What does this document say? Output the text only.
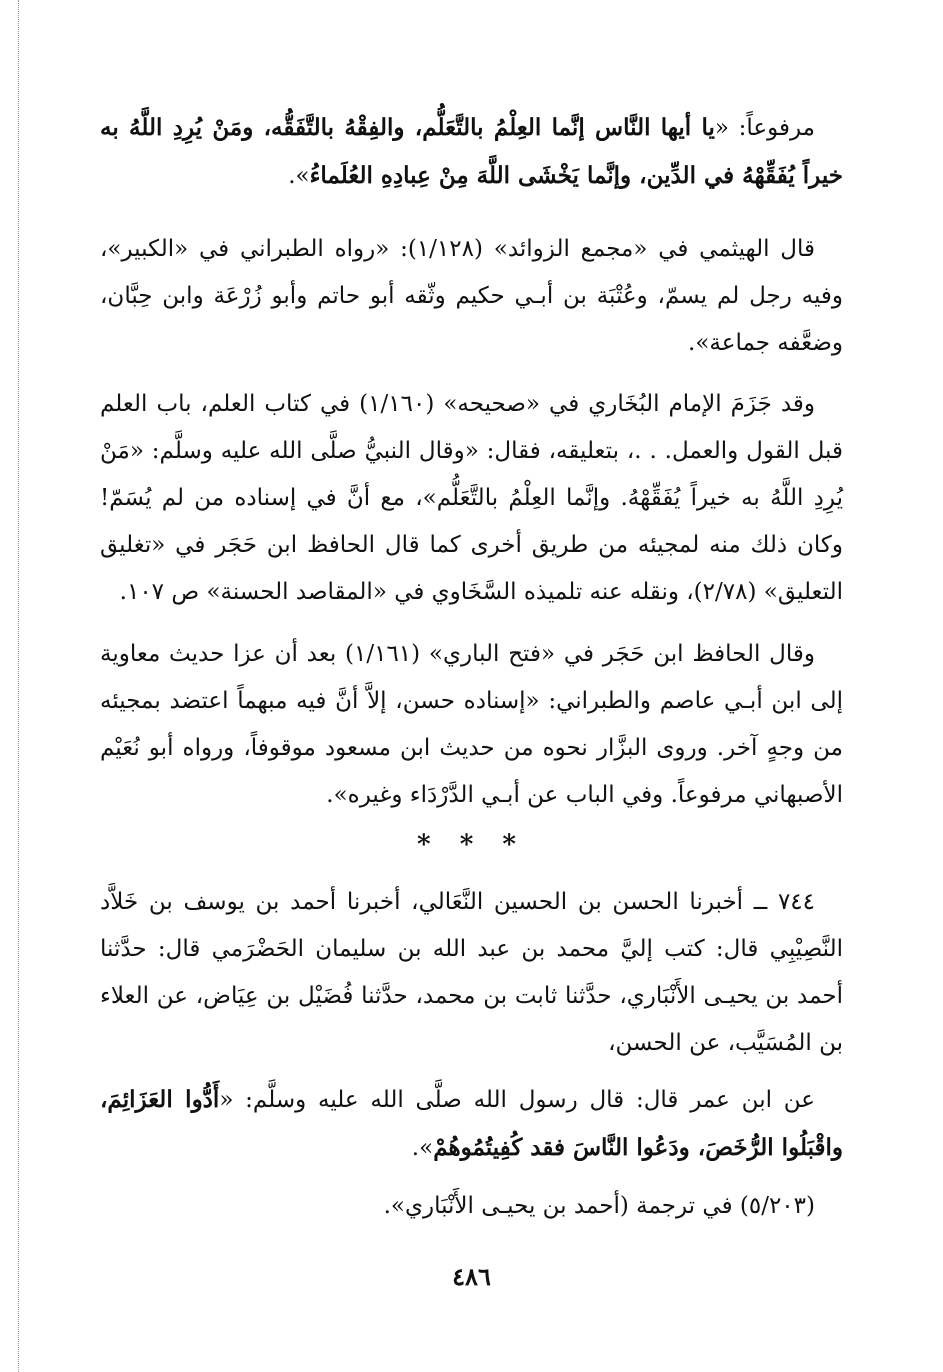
مرفوعاً: «يا أيها النَّاس إنَّما العِلْمُ بالتَّعَلُّم، والفِقْهُ بالتَّفَقُّه، ومَنْ يُرِدِ اللَّهُ به خيراً يُفَقِّهْهُ في الدِّين، وإنَّما يَخْشَى اللَّهَ مِنْ عِبادِهِ العُلَماءُ».

قال الهيثمي في «مجمع الزوائد» (١/١٢٨): «رواه الطبراني في «الكبير»، وفيه رجل لم يسمّ، وعُتْبَة بن أبـي حكيم وثّقه أبو حاتم وأبو زُرْعَة وابن حِبَّان، وضعَّفه جماعة».

وقد جَزَمَ الإمام البُخَاري في «صحيحه» (١/١٦٠) في كتاب العلم، باب العلم قبل القول والعمل. . .، بتعليقه، فقال: «وقال النبيُّ صلَّى الله عليه وسلَّم: «مَنْ يُرِدِ اللَّهُ به خيراً يُفَقِّهْهُ. وإنَّما العِلْمُ بالتَّعَلُّم»، مع أنَّ في إسناده من لم يُسَمّ! وكان ذلك منه لمجيئه من طريق أخرى كما قال الحافظ ابن حَجَر في «تغليق التعليق» (٢/٧٨)، ونقله عنه تلميذه السَّخَاوي في «المقاصد الحسنة» ص ١٠٧.

وقال الحافظ ابن حَجَر في «فتح الباري» (١/١٦١) بعد أن عزا حديث معاوية إلى ابن أبـي عاصم والطبراني: «إسناده حسن، إلاَّ أنَّ فيه مبهماً اعتضد بمجيئه من وجهٍ آخر. وروى البزَّار نحوه من حديث ابن مسعود موقوفاً، ورواه أبو نُعَيْم الأصبهاني مرفوعاً. وفي الباب عن أبـي الدَّرْدَاء وغيره».

* * *

٧٤٤ ــ أخبرنا الحسن بن الحسين النَّعَالي، أخبرنا أحمد بن يوسف بن خَلاَّد النَّصِيْبِي قال: كتب إليَّ محمد بن عبد الله بن سليمان الحَضْرَمي قال: حدَّثنا أحمد بن يحيـى الأَنْبَاري، حدَّثنا ثابت بن محمد، حدَّثنا فُضَيْل بن عِيَاض، عن العلاء بن المُسَيَّب، عن الحسن،

عن ابن عمر قال: قال رسول الله صلَّى الله عليه وسلَّم: «أَدُّوا العَزَائِمَ، واقْبَلُوا الرُّخَصَ، ودَعُوا النَّاسَ فقد كُفِيتُمُوهُمْ».

(٥/٢٠٣) في ترجمة (أحمد بن يحيـى الأَنْبَاري».

٤٨٦
